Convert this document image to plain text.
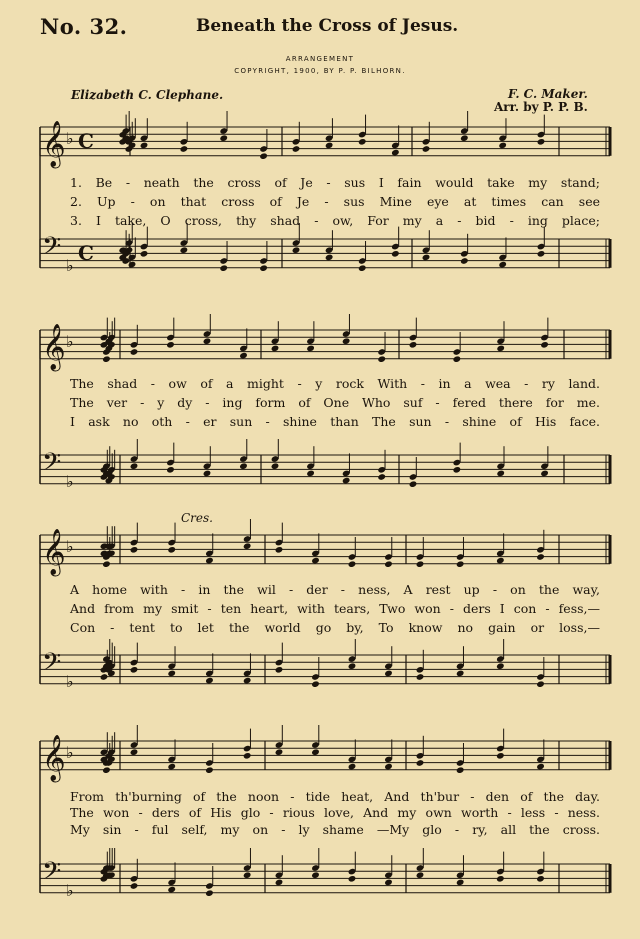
No. 32.	Beneath the Cross of Jesus.
ARRANGEMENT
COPYRIGHT, 1900, BY P. P. BILHORN.
Elizabeth C. Clephane.	F. C. Maker.
Arr. by P. P. B.
Cres.
1. Be - neath the cross of Je - sus I fain would take my stand;
2. Up - on that cross of Je - sus Mine eye at times can see
3. I take, O cross, thy shad - ow, For my a - bid - ing place;
The shad - ow of a might - y rock With - in a wea - ry land.
The ver - y dy - ing form of One Who suf - fered there for me.
I ask no oth - er sun - shine than The sun - shine of His face.
A home with - in the wil - der - ness, A rest up - on the way,
And from my smit - ten heart, with tears, Two won - ders I con - fess,—
Con - tent to let the world go by, To know no gain or loss,—
From th'burning of the noon - tide heat, And th'bur - den of the day.
The won - ders of His glo - rious love, And my own worth - less - ness.
My sin - ful self, my on - ly shame —My glo - ry, all the cross.
𝄞 ♭ C
𝄢 ♭
C
𝄞 ♭
𝄢 ♭
𝄞 ♭
𝄢 ♭
𝄞 ♭
𝄢 ♭
